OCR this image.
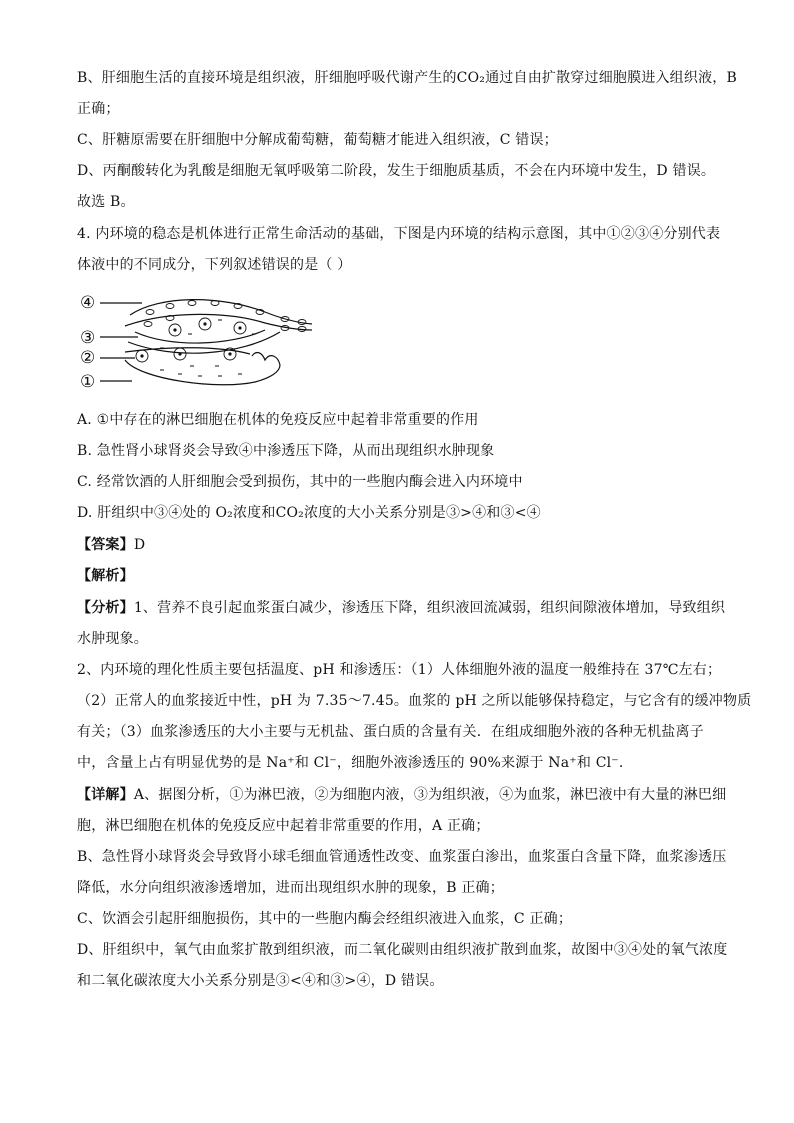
B、肝细胞生活的直接环境是组织液，肝细胞呼吸代谢产生的CO₂通过自由扩散穿过细胞膜进入组织液，B
正确；
C、肝糖原需要在肝细胞中分解成葡萄糖，葡萄糖才能进入组织液，C 错误；
D、丙酮酸转化为乳酸是细胞无氧呼吸第二阶段，发生于细胞质基质，不会在内环境中发生，D 错误。
故选 B。
4. 内环境的稳态是机体进行正常生命活动的基础，下图是内环境的结构示意图，其中①②③④分别代表
体液中的不同成分，下列叙述错误的是（ ）
④
③
②
①
A. ①中存在的淋巴细胞在机体的免疫反应中起着非常重要的作用
B. 急性肾小球肾炎会导致④中渗透压下降，从而出现组织水肿现象
C. 经常饮酒的人肝细胞会受到损伤，其中的一些胞内酶会进入内环境中
D. 肝组织中③④处的 O₂浓度和CO₂浓度的大小关系分别是③>④和③<④
【答案】D
【解析】
【分析】1、营养不良引起血浆蛋白减少，渗透压下降，组织液回流减弱，组织间隙液体增加，导致组织
水肿现象。
2、内环境的理化性质主要包括温度、pH 和渗透压：（1）人体细胞外液的温度一般维持在 37℃左右；
（2）正常人的血浆接近中性，pH 为 7.35～7.45。血浆的 pH 之所以能够保持稳定，与它含有的缓冲物质
有关；（3）血浆渗透压的大小主要与无机盐、蛋白质的含量有关．在组成细胞外液的各种无机盐离子
中，含量上占有明显优势的是 Na⁺和 Cl⁻，细胞外液渗透压的 90%来源于 Na⁺和 Cl⁻.
【详解】A、据图分析，①为淋巴液，②为细胞内液，③为组织液，④为血浆，淋巴液中有大量的淋巴细
胞，淋巴细胞在机体的免疫反应中起着非常重要的作用，A 正确；
B、急性肾小球肾炎会导致肾小球毛细血管通透性改变、血浆蛋白渗出，血浆蛋白含量下降，血浆渗透压
降低，水分向组织液渗透增加，进而出现组织水肿的现象，B 正确；
C、饮酒会引起肝细胞损伤，其中的一些胞内酶会经组织液进入血浆，C 正确；
D、肝组织中，氧气由血浆扩散到组织液，而二氧化碳则由组织液扩散到血浆，故图中③④处的氧气浓度
和二氧化碳浓度大小关系分别是③<④和③>④，D 错误。
